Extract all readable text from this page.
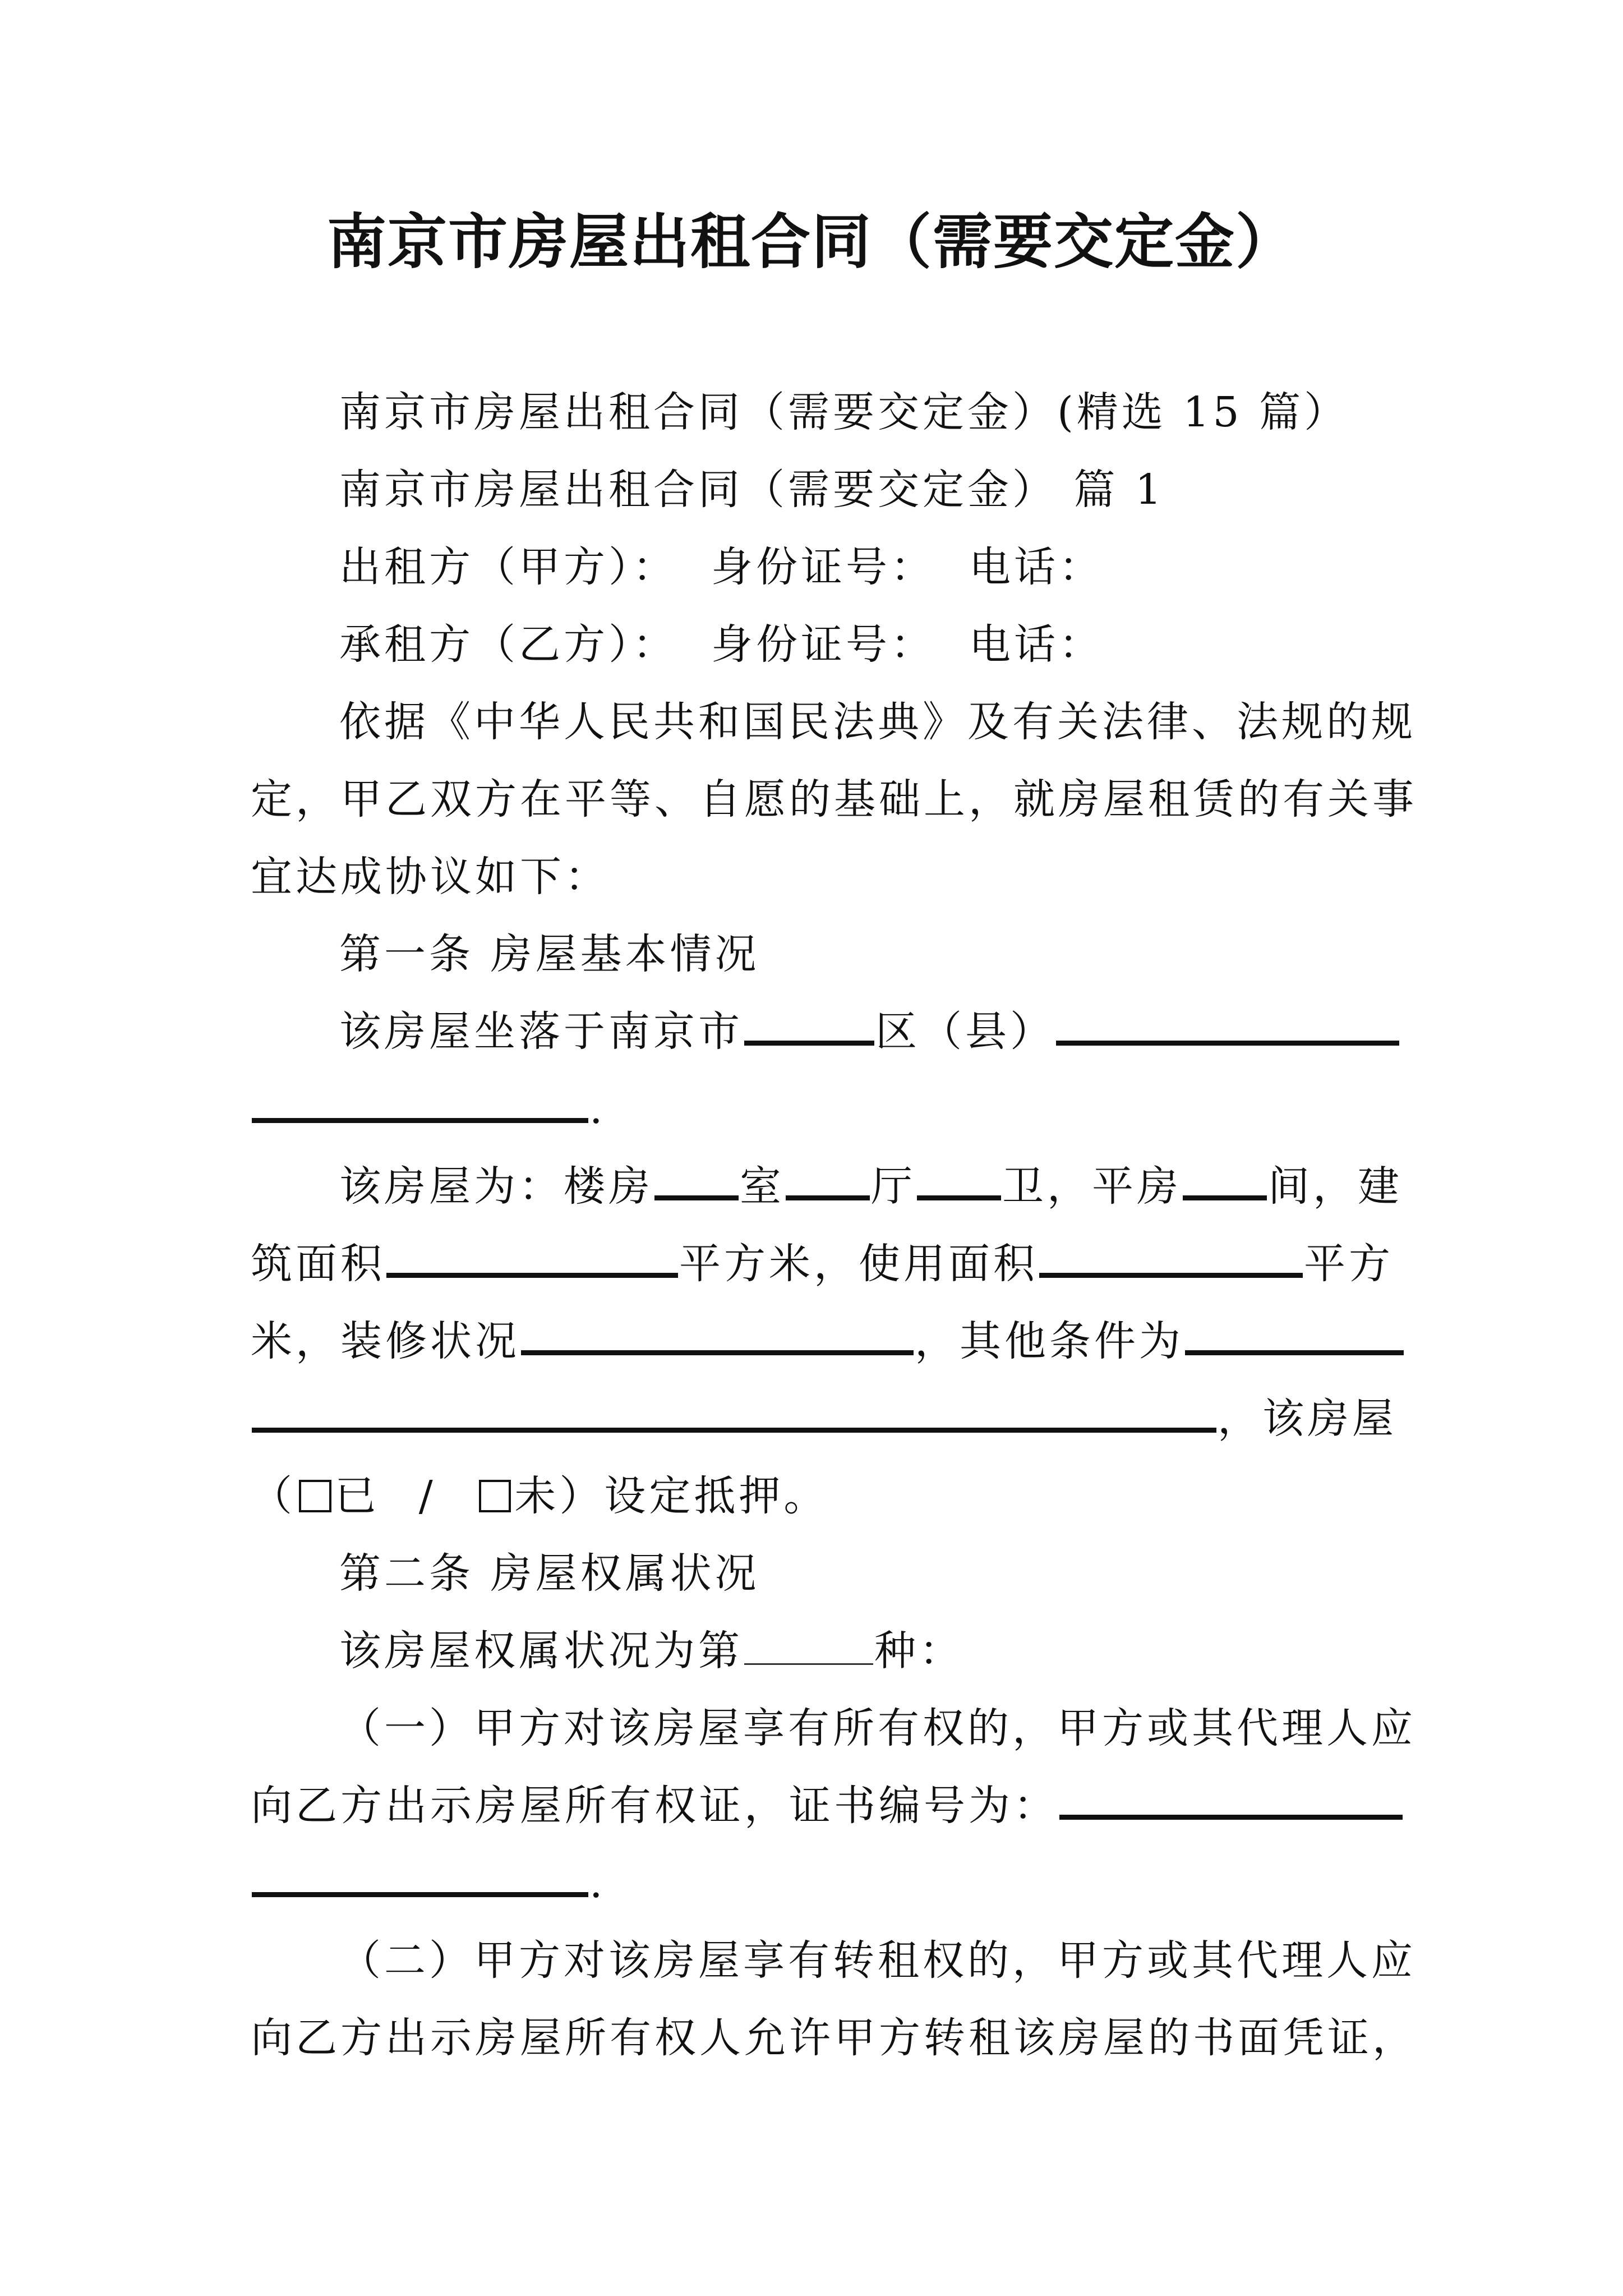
南京市房屋出租合同（需要交定金）
南京市房屋出租合同（需要交定金）(精选 15 篇）
南京市房屋出租合同（需要交定金） 篇 1
出租方（甲方）： 身份证号： 电话：
承租方（乙方）： 身份证号： 电话：
依据《中华人民共和国民法典》及有关法律、法规的规
定，甲乙双方在平等、自愿的基础上，就房屋租赁的有关事
宜达成协议如下：
第一条 房屋基本情况
该房屋坐落于南京市	区（县）
.
该房屋为：楼房 室 厅 卫，平房 间，建
筑面积	平方米，使用面积	平方
米，装修状况	，其他条件为
，该房屋
（ 已 / 未）设定抵押。
第二条 房屋权属状况
该房屋权属状况为第	种：
（一）甲方对该房屋享有所有权的，甲方或其代理人应
向乙方出示房屋所有权证，证书编号为：
.
（二）甲方对该房屋享有转租权的，甲方或其代理人应
向乙方出示房屋所有权人允许甲方转租该房屋的书面凭证，
